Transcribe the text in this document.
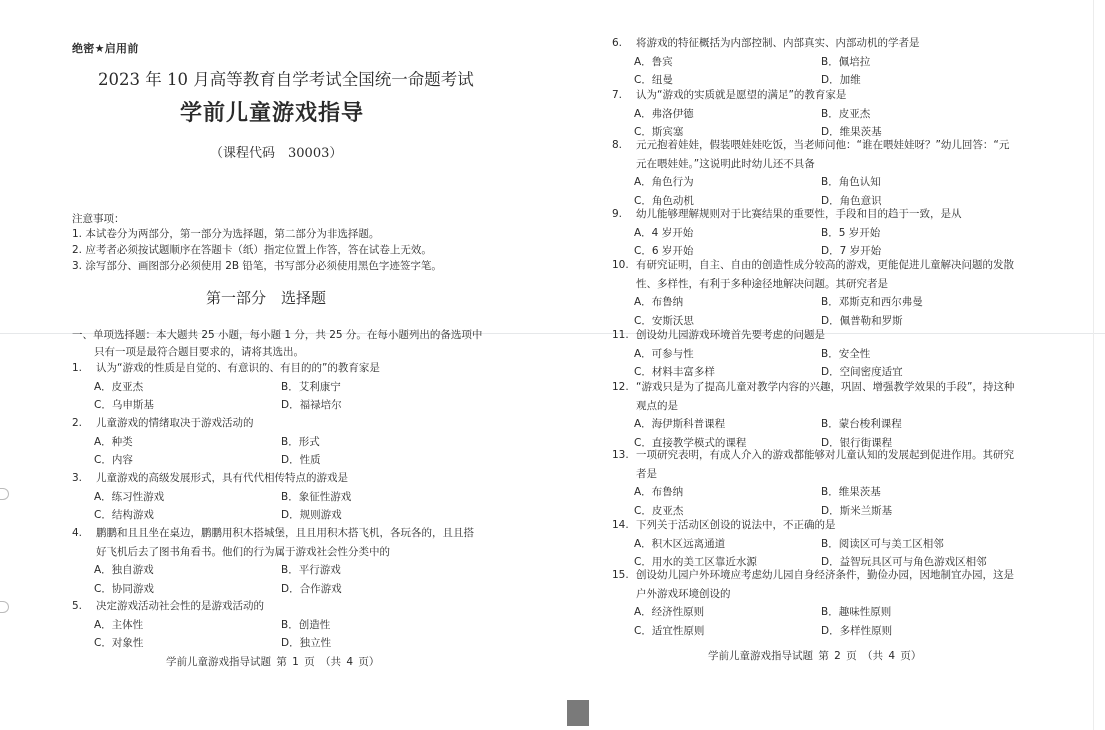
绝密★启用前
2023 年 10 月高等教育自学考试全国统一命题考试
学前儿童游戏指导
（课程代码　30003）
注意事项：
1. 本试卷分为两部分，第一部分为选择题，第二部分为非选择题。
2. 应考者必须按试题顺序在答题卡（纸）指定位置上作答，答在试卷上无效。
3. 涂写部分、画图部分必须使用 2B 铅笔，书写部分必须使用黑色字迹签字笔。
第一部分　选择题
一、单项选择题：本大题共 25 小题，每小题 1 分，共 25 分。在每小题列出的备选项中
只有一项是最符合题目要求的，请将其选出。
1. 认为“游戏的性质是自觉的、有意识的、有目的的”的教育家是
A．皮亚杰	B．艾利康宁
C．乌申斯基	D．福禄培尔
2. 儿童游戏的情绪取决于游戏活动的
A．种类	B．形式
C．内容	D．性质
3. 儿童游戏的高级发展形式，具有代代相传特点的游戏是
A．练习性游戏	B．象征性游戏
C．结构游戏	D．规则游戏
4. 鹏鹏和且且坐在桌边，鹏鹏用积木搭城堡，且且用积木搭飞机，各玩各的，且且搭
好飞机后去了图书角看书。他们的行为属于游戏社会性分类中的
A．独自游戏	B．平行游戏
C．协同游戏	D．合作游戏
5. 决定游戏活动社会性的是游戏活动的
A．主体性	B．创造性
C．对象性	D．独立性
学前儿童游戏指导试题 第 1 页 （共 4 页）
6. 将游戏的特征概括为内部控制、内部真实、内部动机的学者是
A．鲁宾	B．佩培拉
C．纽曼	D．加维
7. 认为“游戏的实质就是愿望的满足”的教育家是
A．弗洛伊德	B．皮亚杰
C．斯宾塞	D．维果茨基
8. 元元抱着娃娃，假装喂娃娃吃饭，当老师问他：“谁在喂娃娃呀？”幼儿回答：“元
元在喂娃娃。”这说明此时幼儿还不具备
A．角色行为	B．角色认知
C．角色动机	D．角色意识
9. 幼儿能够理解规则对于比赛结果的重要性，手段和目的趋于一致，是从
A．4 岁开始	B．5 岁开始
C．6 岁开始	D．7 岁开始
10. 有研究证明，自主、自由的创造性成分较高的游戏，更能促进儿童解决问题的发散
性、多样性，有利于多种途径地解决问题。其研究者是
A．布鲁纳	B．邓斯克和西尔弗曼
C．安斯沃思	D．佩普勒和罗斯
11. 创设幼儿园游戏环境首先要考虑的问题是
A．可参与性	B．安全性
C．材料丰富多样	D．空间密度适宜
12. “游戏只是为了提高儿童对教学内容的兴趣，巩固、增强教学效果的手段”，持这种
观点的是
A．海伊斯科普课程	B．蒙台梭利课程
C．直接教学模式的课程	D．银行街课程
13. 一项研究表明，有成人介入的游戏都能够对儿童认知的发展起到促进作用。其研究
者是
A．布鲁纳	B．维果茨基
C．皮亚杰	D．斯米兰斯基
14. 下列关于活动区创设的说法中，不正确的是
A．积木区远离通道	B．阅读区可与美工区相邻
C．用水的美工区靠近水源	D．益智玩具区可与角色游戏区相邻
15. 创设幼儿园户外环境应考虑幼儿园自身经济条件，勤俭办园，因地制宜办园，这是
户外游戏环境创设的
A．经济性原则	B．趣味性原则
C．适宜性原则	D．多样性原则
学前儿童游戏指导试题 第 2 页 （共 4 页）
